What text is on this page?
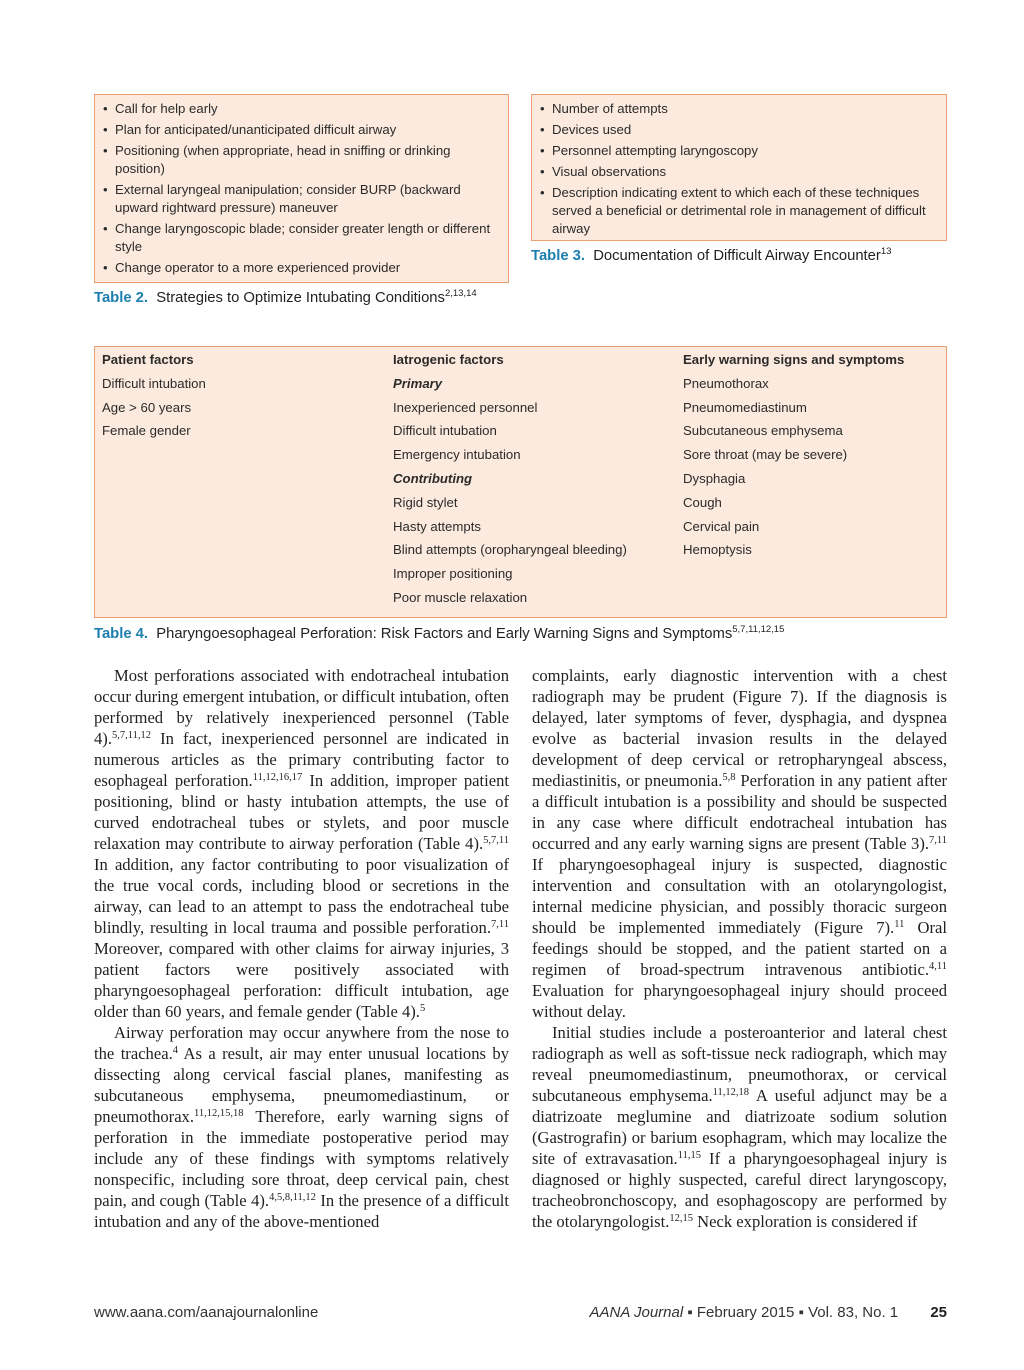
• Call for help early
• Plan for anticipated/unanticipated difficult airway
• Positioning (when appropriate, head in sniffing or drinking position)
• External laryngeal manipulation; consider BURP (backward upward rightward pressure) maneuver
• Change laryngoscopic blade; consider greater length or different style
• Change operator to a more experienced provider
Table 2. Strategies to Optimize Intubating Conditions$^{2,13,14}$
• Number of attempts
• Devices used
• Personnel attempting laryngoscopy
• Visual observations
• Description indicating extent to which each of these techniques served a beneficial or detrimental role in management of difficult airway
Table 3. Documentation of Difficult Airway Encounter$^{13}$
Patient factors
Difficult intubation
Age > 60 years
Female gender
Iatrogenic factors
Primary
Inexperienced personnel
Difficult intubation
Emergency intubation
Contributing
Rigid stylet
Hasty attempts
Blind attempts (oropharyngeal bleeding)
Improper positioning
Poor muscle relaxation
Early warning signs and symptoms
Pneumothorax
Pneumomediastinum
Subcutaneous emphysema
Sore throat (may be severe)
Dysphagia
Cough
Cervical pain
Hemoptysis
Table 4. Pharyngoesophageal Perforation: Risk Factors and Early Warning Signs and Symptoms$^{5,7,11,12,15}$

Most perforations associated with endotracheal intubation occur during emergent intubation, or difficult intubation, often performed by relatively inexperienced personnel (Table 4).$^{5,7,11,12}$ In fact, inexperienced personnel are indicated in numerous articles as the primary contributing factor to esophageal perforation.$^{11,12,16,17}$ In addition, improper patient positioning, blind or hasty intubation attempts, the use of curved endotracheal tubes or stylets, and poor muscle relaxation may contribute to airway perforation (Table 4).$^{5,7,11}$ In addition, any factor contributing to poor visualization of the true vocal cords, including blood or secretions in the airway, can lead to an attempt to pass the endotracheal tube blindly, resulting in local trauma and possible perforation.$^{7,11}$ Moreover, compared with other claims for airway injuries, 3 patient factors were positively associated with pharyngoesophageal perforation: difficult intubation, age older than 60 years, and female gender (Table 4).$^5$

Airway perforation may occur anywhere from the nose to the trachea.$^4$ As a result, air may enter unusual locations by dissecting along cervical fascial planes, manifesting as subcutaneous emphysema, pneumomediastinum, or pneumothorax.$^{11,12,15,18}$ Therefore, early warning signs of perforation in the immediate postoperative period may include any of these findings with symptoms relatively nonspecific, including sore throat, deep cervical pain, chest pain, and cough (Table 4).$^{4,5,8,11,12}$ In the presence of a difficult intubation and any of the above-mentioned

complaints, early diagnostic intervention with a chest radiograph may be prudent (Figure 7). If the diagnosis is delayed, later symptoms of fever, dysphagia, and dyspnea evolve as bacterial invasion results in the delayed development of deep cervical or retropharyngeal abscess, mediastinitis, or pneumonia.$^{5,8}$ Perforation in any patient after a difficult intubation is a possibility and should be suspected in any case where difficult endotracheal intubation has occurred and any early warning signs are present (Table 3).$^{7,11}$ If pharyngoesophageal injury is suspected, diagnostic intervention and consultation with an otolaryngologist, internal medicine physician, and possibly thoracic surgeon should be implemented immediately (Figure 7).$^{11}$ Oral feedings should be stopped, and the patient started on a regimen of broad-spectrum intravenous antibiotic.$^{4,11}$ Evaluation for pharyngoesophageal injury should proceed without delay.

Initial studies include a posteroanterior and lateral chest radiograph as well as soft-tissue neck radiograph, which may reveal pneumomediastinum, pneumothorax, or cervical subcutaneous emphysema.$^{11,12,18}$ A useful adjunct may be a diatrizoate meglumine and diatrizoate sodium solution (Gastrografin) or barium esophagram, which may localize the site of extravasation.$^{11,15}$ If a pharyngoesophageal injury is diagnosed or highly suspected, careful direct laryngoscopy, tracheobronchoscopy, and esophagoscopy are performed by the otolaryngologist.$^{12,15}$ Neck exploration is considered if

www.aana.com/aanajournalonline	AANA Journal ▪ February 2015 ▪ Vol. 83, No. 1 25
